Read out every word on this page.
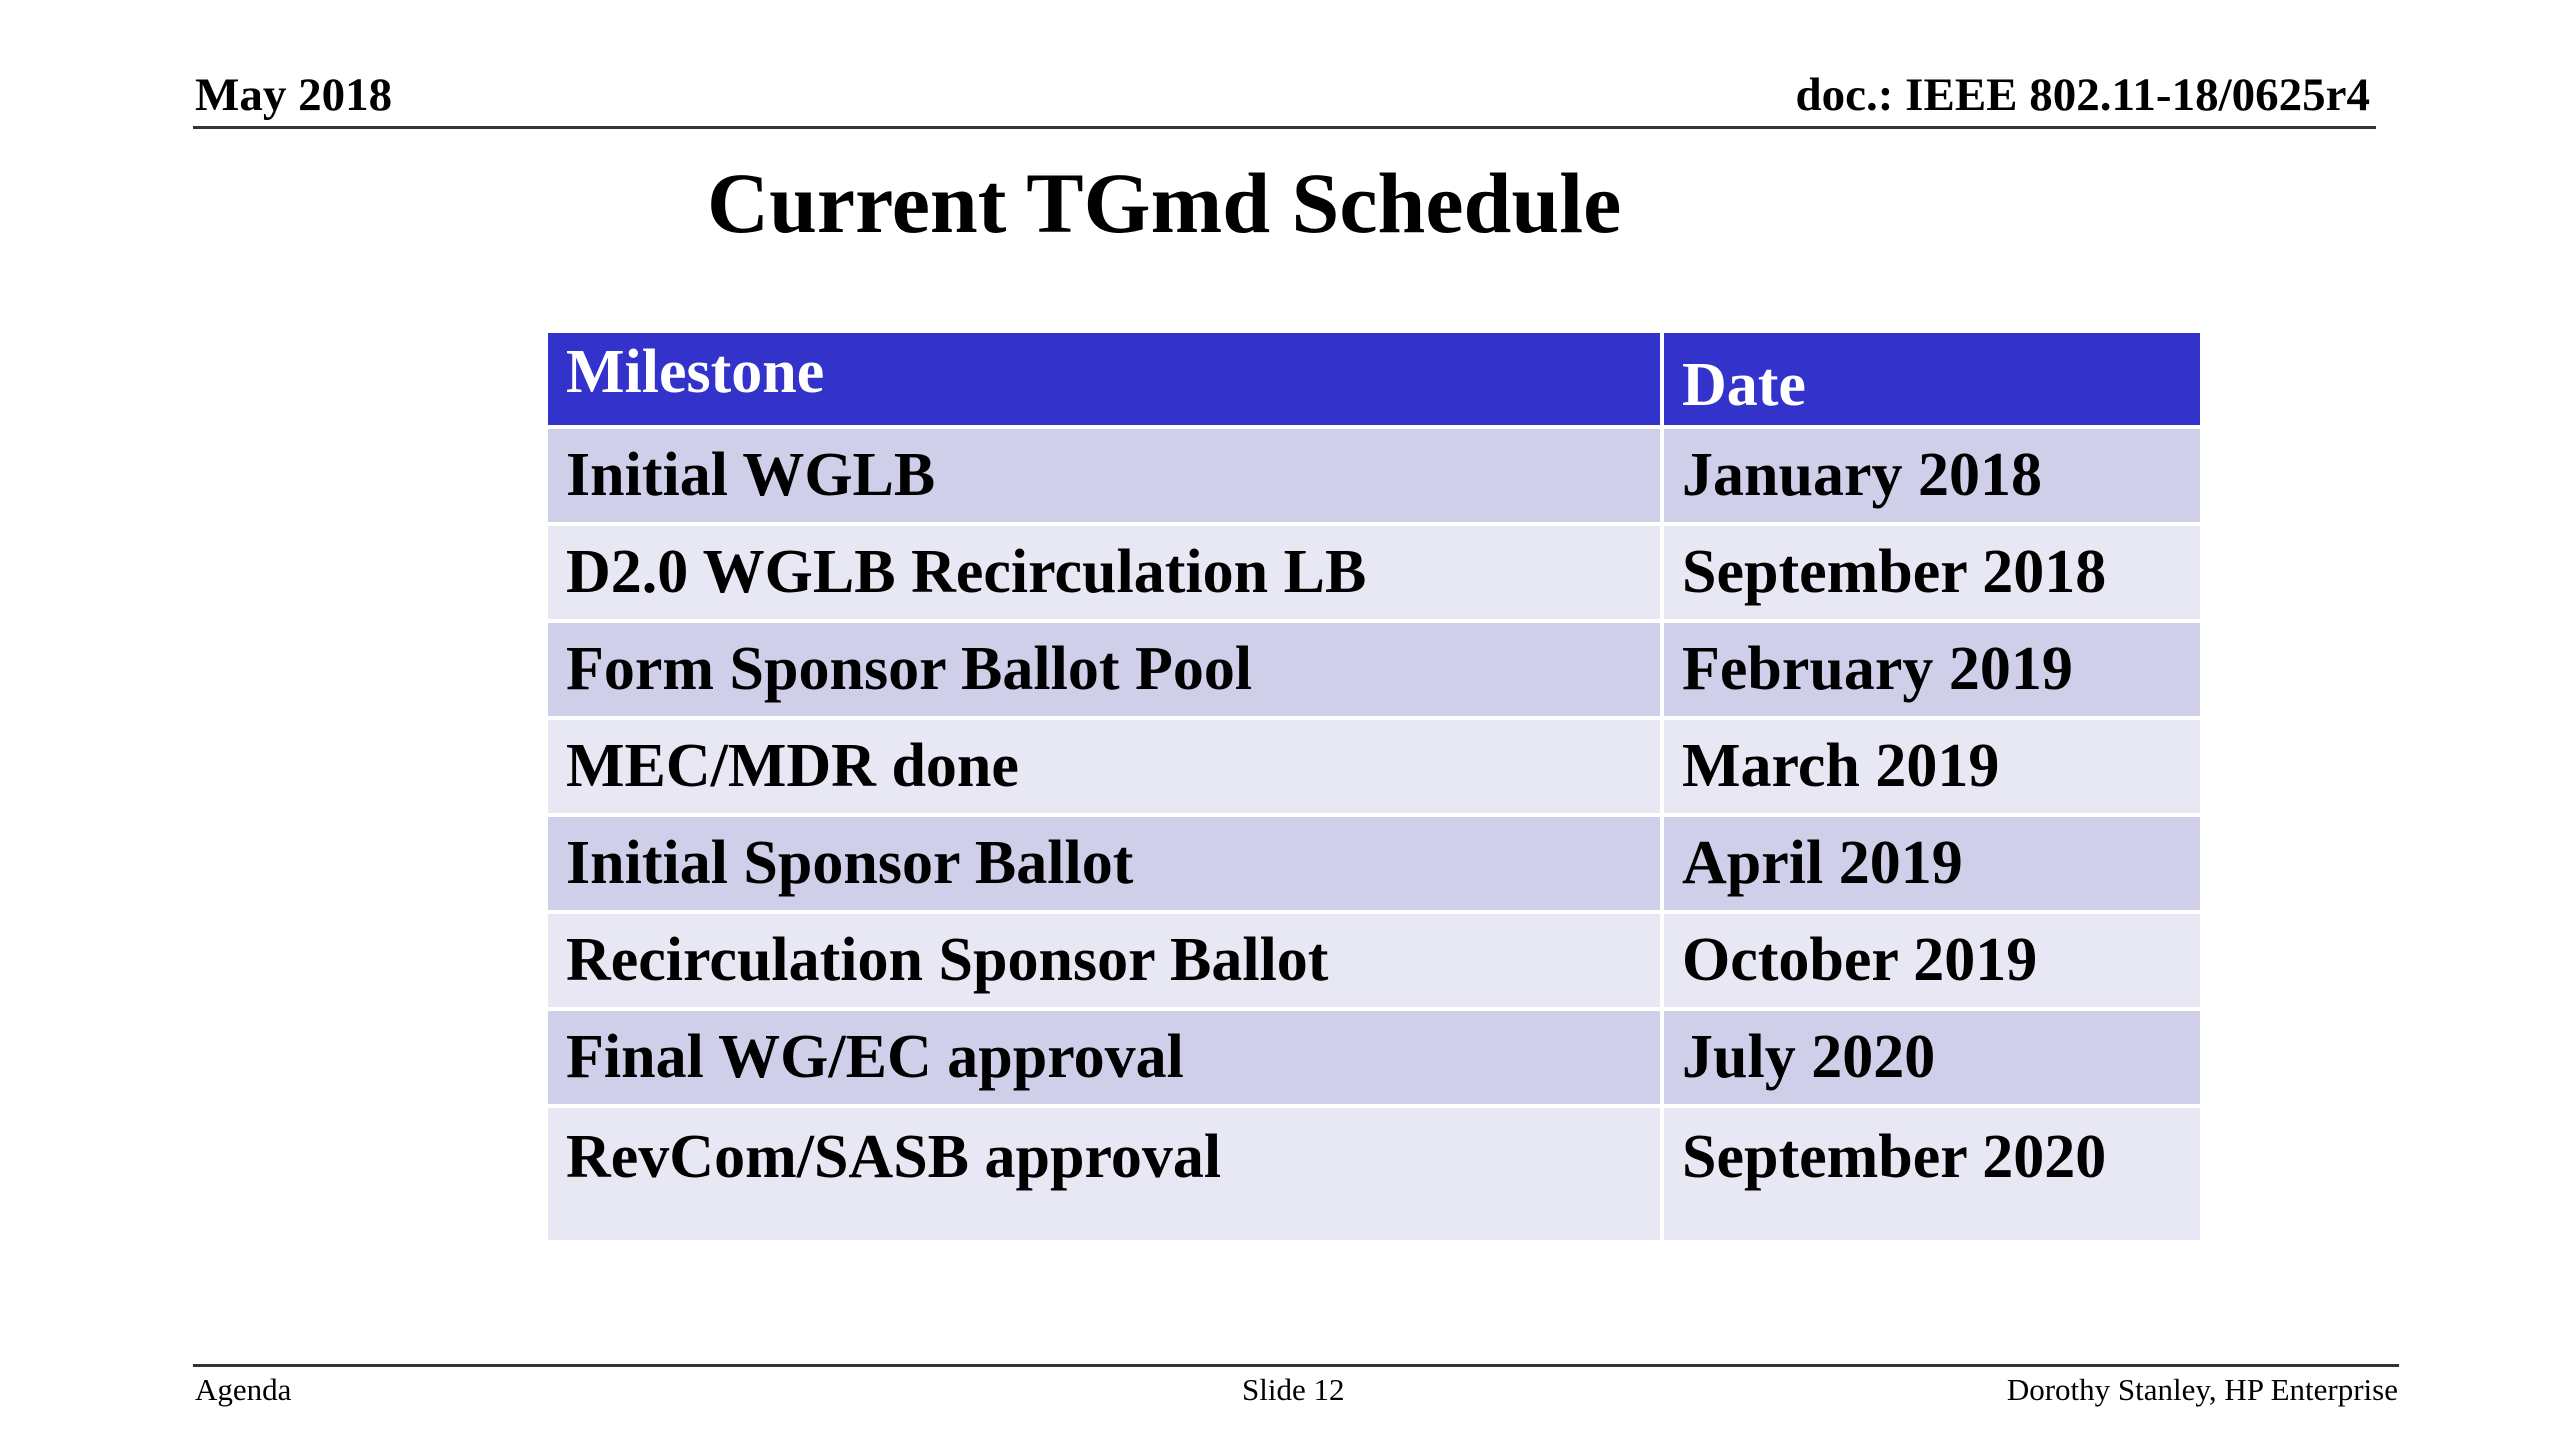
May 2018	doc.: IEEE 802.11-18/0625r4
Current TGmd Schedule
Milestone	Date
Initial WGLB	January 2018
D2.0 WGLB Recirculation LB	September 2018
Form Sponsor Ballot Pool	February 2019
MEC/MDR done	March 2019
Initial Sponsor Ballot	April 2019
Recirculation Sponsor Ballot	October 2019
Final WG/EC approval	July 2020
RevCom/SASB approval	September 2020
Agenda	Slide 12	Dorothy Stanley, HP Enterprise
